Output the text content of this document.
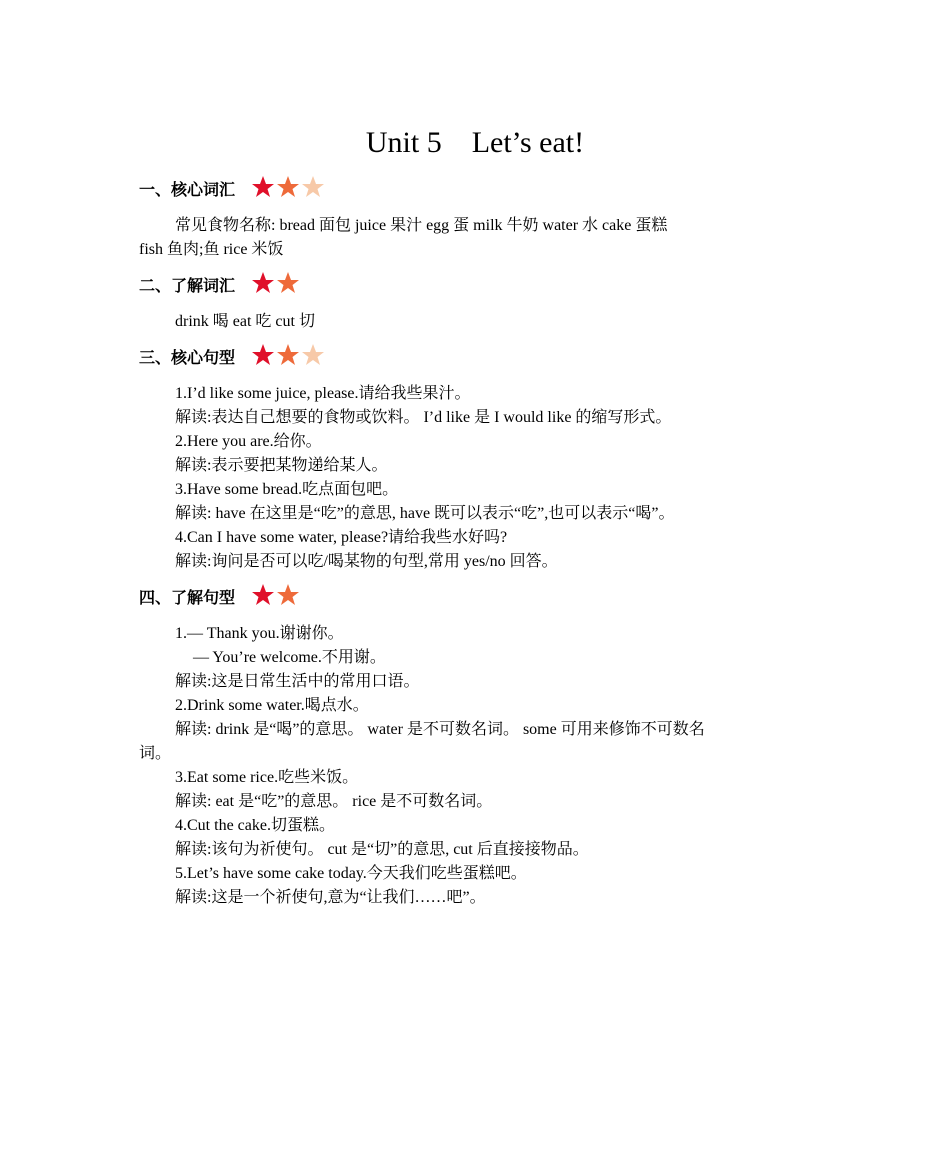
Unit 5    Let’s eat!
一、核心词汇
常见食物名称: bread 面包 juice 果汁 egg 蛋 milk 牛奶 water 水 cake 蛋糕
fish 鱼肉;鱼 rice 米饭
二、了解词汇
drink 喝 eat 吃 cut 切
三、核心句型
1.I’d like some juice, please.请给我些果汁。
解读:表达自己想要的食物或饮料。 I’d like 是 I would like 的缩写形式。
2.Here you are.给你。
解读:表示要把某物递给某人。
3.Have some bread.吃点面包吧。
解读: have 在这里是“吃”的意思, have 既可以表示“吃”,也可以表示“喝”。
4.Can I have some water, please?请给我些水好吗?
解读:询问是否可以吃/喝某物的句型,常用 yes/no 回答。
四、了解句型
1.— Thank you.谢谢你。
— You’re welcome.不用谢。
解读:这是日常生活中的常用口语。
2.Drink some water.喝点水。
解读: drink 是“喝”的意思。 water 是不可数名词。 some 可用来修饰不可数名
词。
3.Eat some rice.吃些米饭。
解读: eat 是“吃”的意思。 rice 是不可数名词。
4.Cut the cake.切蛋糕。
解读:该句为祈使句。 cut 是“切”的意思, cut 后直接接物品。
5.Let’s have some cake today.今天我们吃些蛋糕吧。
解读:这是一个祈使句,意为“让我们……吧”。
